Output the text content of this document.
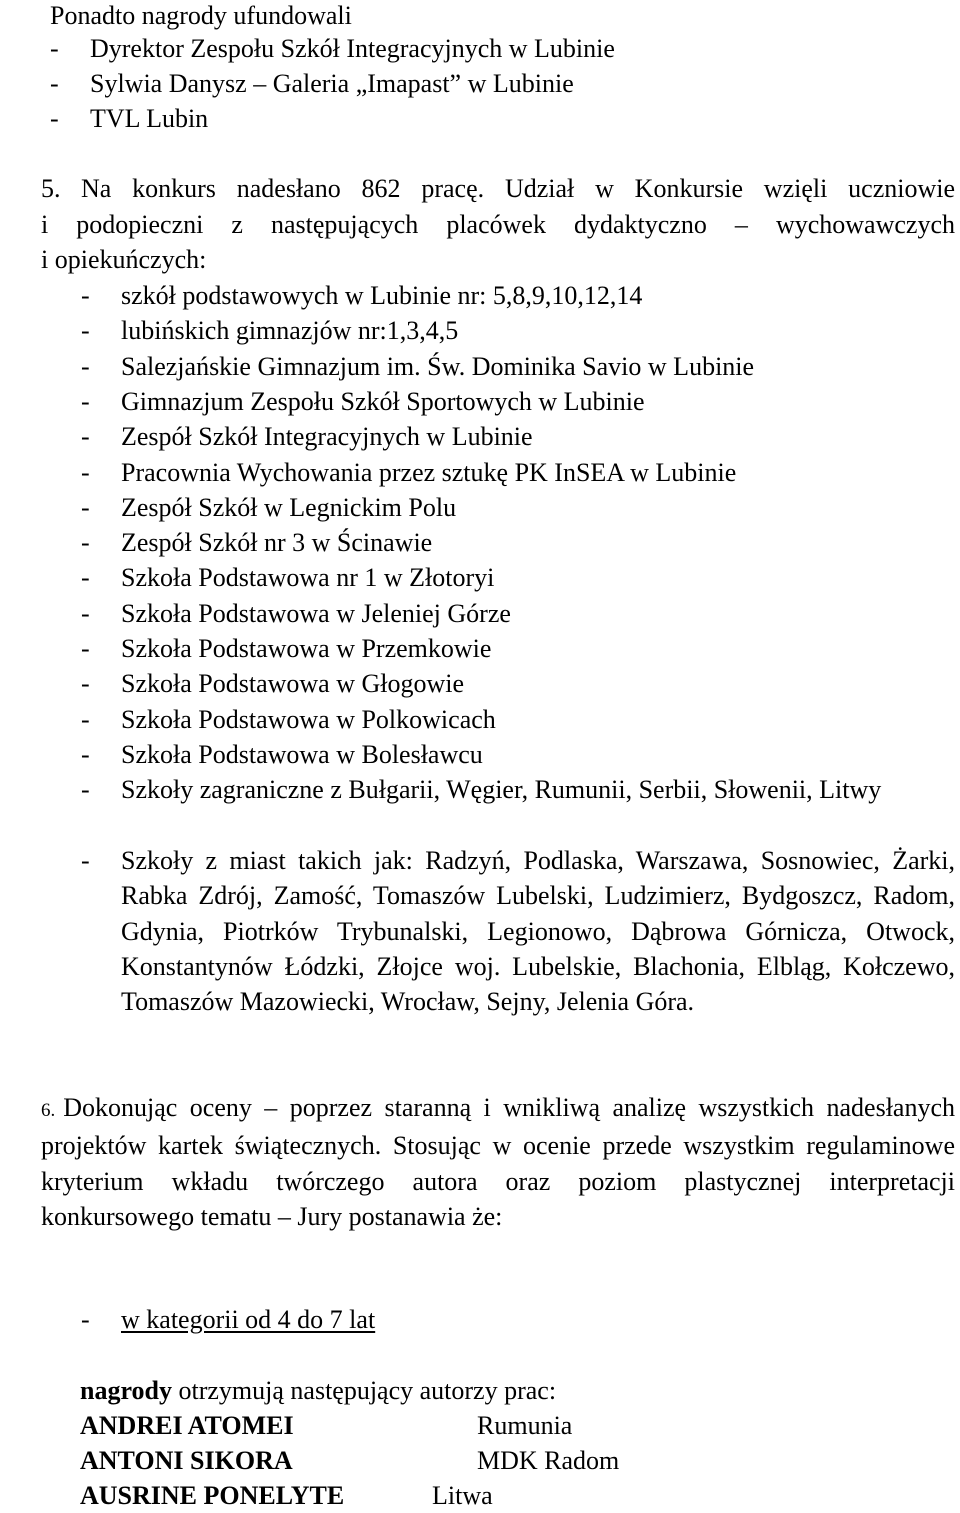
Ponadto nagrody ufundowali
- Dyrektor Zespołu Szkół Integracyjnych w Lubinie
- Sylwia Danysz – Galeria „Imapast” w Lubinie
- TVL Lubin
5. Na konkurs nadesłano 862 pracę. Udział w Konkursie wzięli uczniowie
i podopieczni z następujących placówek dydaktyczno – wychowawczych
i opiekuńczych:
- szkół podstawowych w Lubinie nr: 5,8,9,10,12,14
- lubińskich gimnazjów nr:1,3,4,5
- Salezjańskie Gimnazjum im. Św. Dominika Savio w Lubinie
- Gimnazjum Zespołu Szkół Sportowych w Lubinie
- Zespół Szkół Integracyjnych w Lubinie
- Pracownia Wychowania przez sztukę PK InSEA w Lubinie
- Zespół Szkół w Legnickim Polu
- Zespół Szkół nr 3 w Ścinawie
- Szkoła Podstawowa nr 1 w Złotoryi
- Szkoła Podstawowa w Jeleniej Górze
- Szkoła Podstawowa w Przemkowie
- Szkoła Podstawowa w Głogowie
- Szkoła Podstawowa w Polkowicach
- Szkoła Podstawowa w Bolesławcu
- Szkoły zagraniczne z Bułgarii, Węgier, Rumunii, Serbii, Słowenii, Litwy
- Szkoły z miast takich jak: Radzyń, Podlaska, Warszawa, Sosnowiec, Żarki, Rabka Zdrój, Zamość, Tomaszów Lubelski, Ludzimierz, Bydgoszcz, Radom, Gdynia, Piotrków Trybunalski, Legionowo, Dąbrowa Górnicza, Otwock, Konstantynów Łódzki, Złojce woj. Lubelskie, Blachonia, Elbląg, Kołczewo, Tomaszów Mazowiecki, Wrocław, Sejny, Jelenia Góra.
6. Dokonując oceny – poprzez staranną i wnikliwą analizę wszystkich nadesłanych projektów kartek świątecznych. Stosując w ocenie przede wszystkim regulaminowe kryterium wkładu twórczego autora oraz poziom plastycznej interpretacji konkursowego tematu – Jury postanawia że:
- w kategorii od 4 do 7 lat
nagrody otrzymują następujący autorzy prac:
ANDREI ATOMEI	Rumunia
ANTONI SIKORA	MDK Radom
AUSRINE PONELYTE	Litwa
